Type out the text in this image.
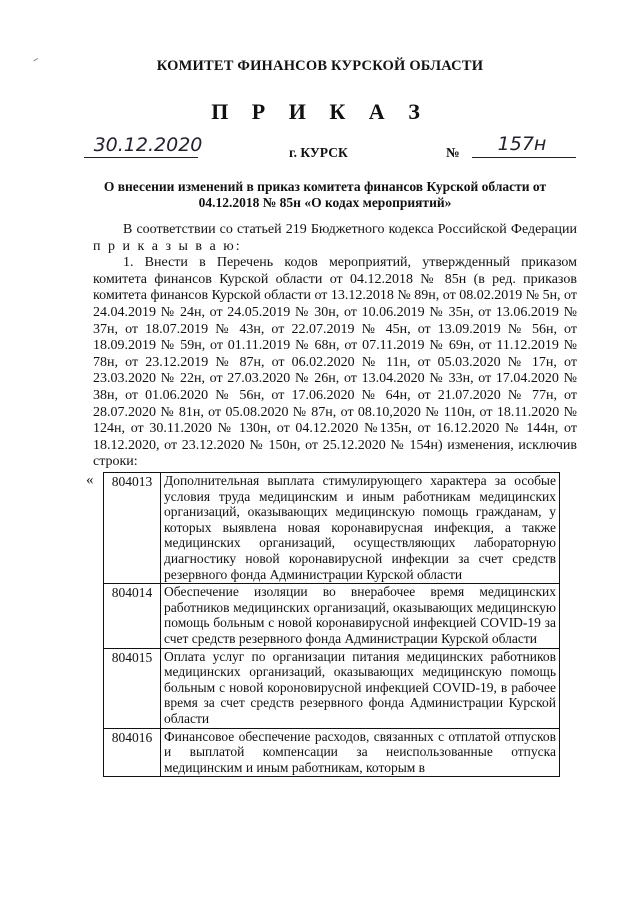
КОМИТЕТ ФИНАНСОВ КУРСКОЙ ОБЛАСТИ
П Р И К А З
30.12.2020	г. КУРСК	№	157н
О внесении изменений в приказ комитета финансов Курской области от 04.12.2018 № 85н «О кодах мероприятий»

В соответствии со статьей 219 Бюджетного кодекса Российской Федерации п р и к а з ы в а ю:

1. Внести в Перечень кодов мероприятий, утвержденный приказом комитета финансов Курской области от 04.12.2018 № 85н (в ред. приказов комитета финансов Курской области от 13.12.2018 № 89н, от 08.02.2019 № 5н, от 24.04.2019 № 24н, от 24.05.2019 № 30н, от 10.06.2019 № 35н, от 13.06.2019 № 37н, от 18.07.2019 № 43н, от 22.07.2019 № 45н, от 13.09.2019 № 56н, от 18.09.2019 № 59н, от 01.11.2019 № 68н, от 07.11.2019 № 69н, от 11.12.2019 № 78н, от 23.12.2019 № 87н, от 06.02.2020 № 11н, от 05.03.2020 № 17н, от 23.03.2020 № 22н, от 27.03.2020 № 26н, от 13.04.2020 № 33н, от 17.04.2020 № 38н, от 01.06.2020 № 56н, от 17.06.2020 № 64н, от 21.07.2020 № 77н, от 28.07.2020 № 81н, от 05.08.2020 № 87н, от 08.10,2020 № 110н, от 18.11.2020 № 124н, от 30.11.2020 № 130н, от 04.12.2020 №135н, от 16.12.2020 № 144н, от 18.12.2020, от 23.12.2020 № 150н, от 25.12.2020 № 154н) изменения, исключив строки:

« 804013	Дополнительная выплата стимулирующего характера за особые условия труда медицинским и иным работникам медицинских организаций, оказывающих медицинскую помощь гражданам, у которых выявлена новая коронавирусная инфекция, а также медицинских организаций, осуществляющих лабораторную диагностику новой коронавирусной инфекции за счет средств резервного фонда Администрации Курской области
804014	Обеспечение изоляции во внерабочее время медицинских работников медицинских организаций, оказывающих медицинскую помощь больным с новой коронавирусной инфекцией COVID-19 за счет средств резервного фонда Администрации Курской области
804015	Оплата услуг по организации питания медицинских работников медицинских организаций, оказывающих медицинскую помощь больным с новой короновирусной инфекцией COVID-19, в рабочее время за счет средств резервного фонда Администрации Курской области
804016	Финансовое обеспечение расходов, связанных с отплатой отпусков и выплатой компенсации за неиспользованные отпуска медицинским и иным работникам, которым в
